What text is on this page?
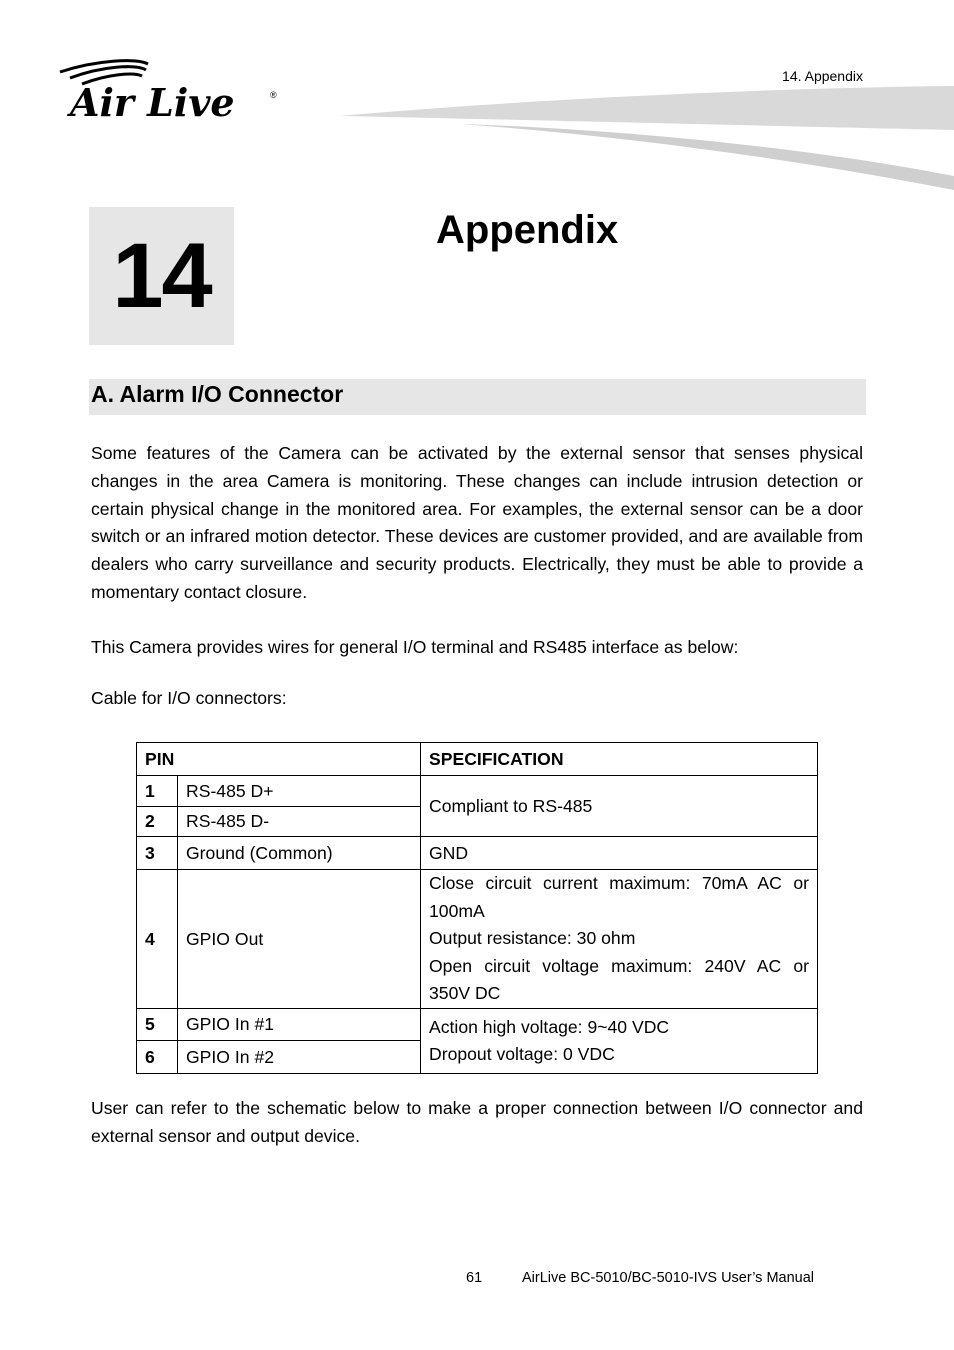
Air Live	®
14. Appendix
14	Appendix
A. Alarm I/O Connector

Some features of the Camera can be activated by the external sensor that senses physical changes in the area Camera is monitoring. These changes can include intrusion detection or certain physical change in the monitored area. For examples, the external sensor can be a door switch or an infrared motion detector. These devices are customer provided, and are available from dealers who carry surveillance and security products. Electrically, they must be able to provide a momentary contact closure.

This Camera provides wires for general I/O terminal and RS485 interface as below:

Cable for I/O connectors:

PIN		SPECIFICATION
1	RS-485 D+	Compliant to RS-485
2	RS-485 D-	
3	Ground (Common)	GND
4	GPIO Out	Close circuit current maximum: 70mA AC or 100mA
Output resistance: 30 ohm
Open circuit voltage maximum: 240V AC or 350V DC

5	GPIO In #1	Action high voltage: 9~40 VDC
Dropout voltage: 0 VDC

6	GPIO In #2	

User can refer to the schematic below to make a proper connection between I/O connector and external sensor and output device.

61	AirLive BC-5010/BC-5010-IVS User’s Manual
